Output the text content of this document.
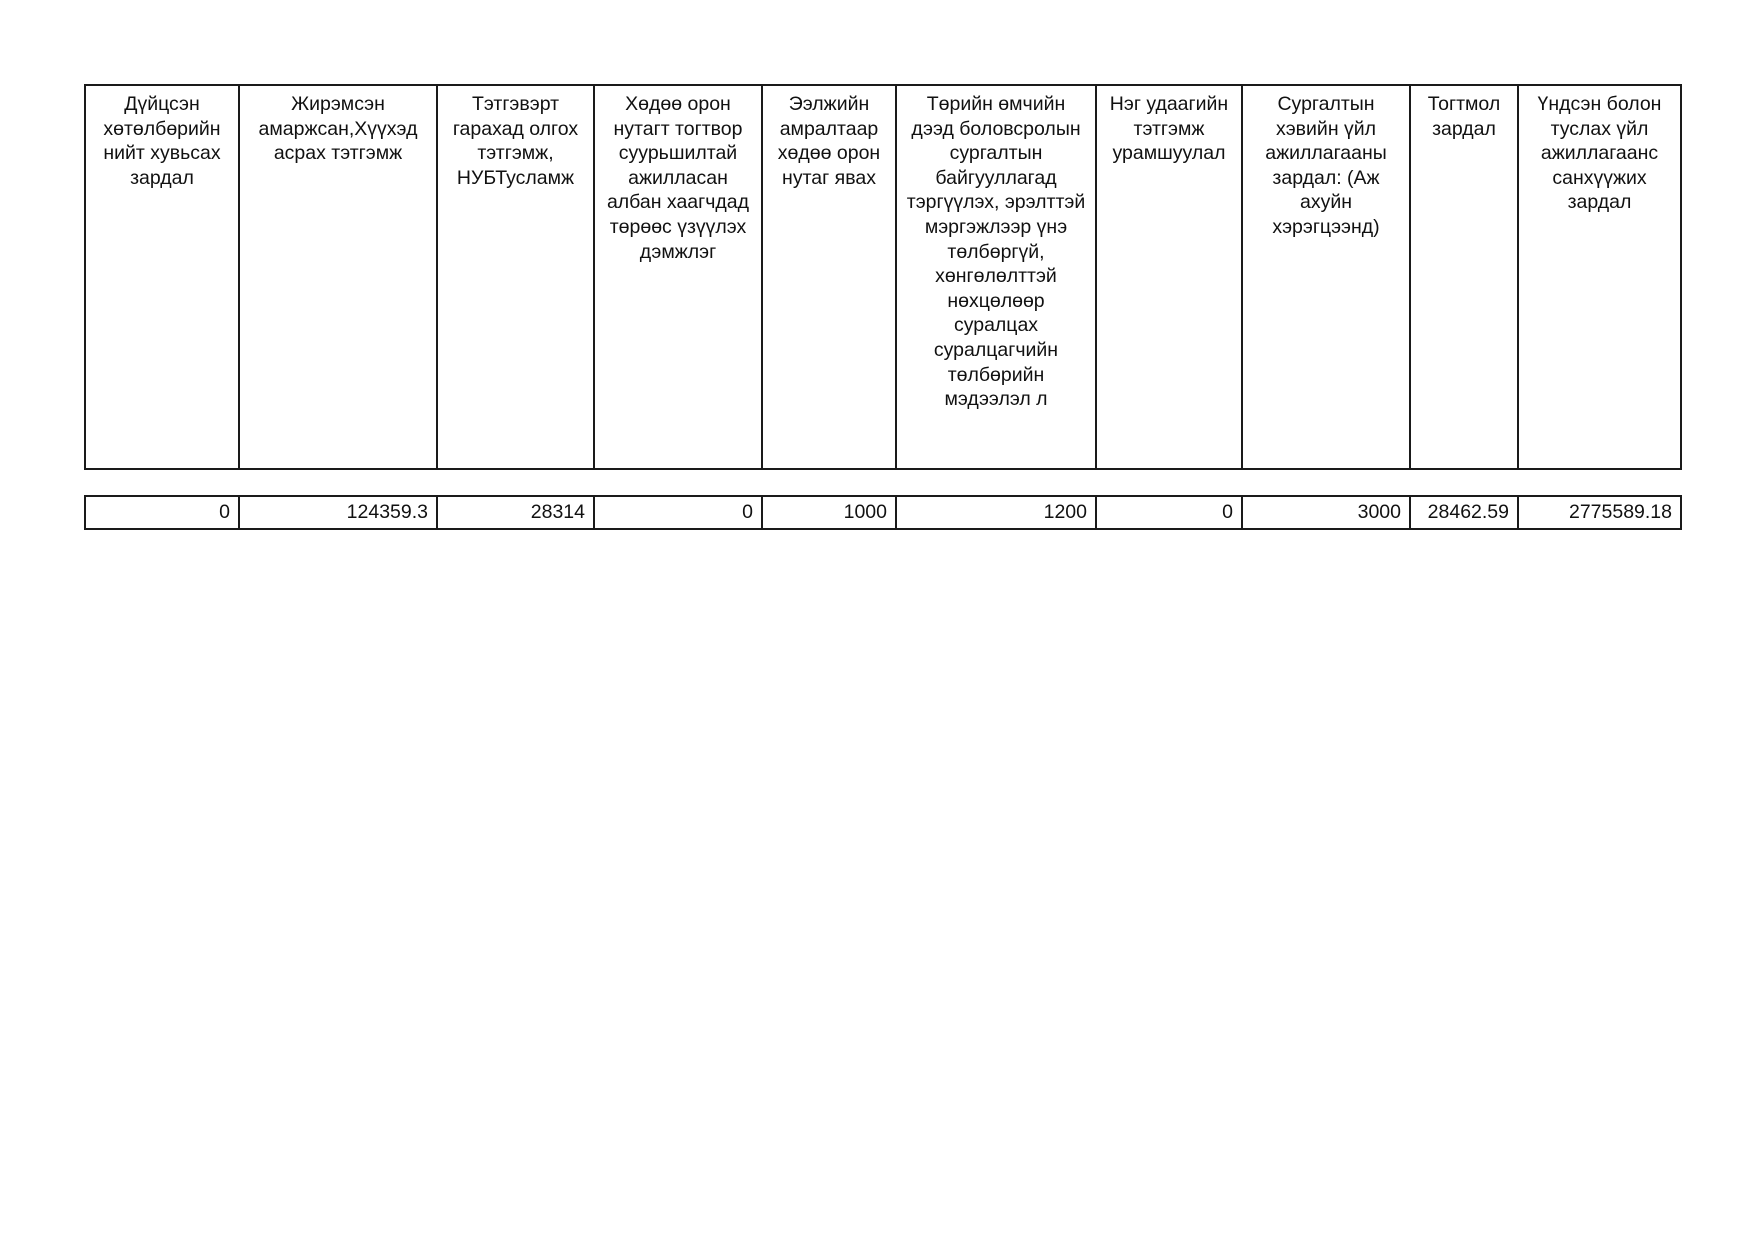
Дүйцсэн хөтөлбөрийн нийт хувьсах зардал	Жирэмсэн амаржсан,Хүүхэд асрах тэтгэмж	Тэтгэвэрт гарахад олгох тэтгэмж, НУБТусламж	Хөдөө орон нутагт тогтвор суурьшилтай ажилласан албан хаагчдад төрөөс үзүүлэх дэмжлэг	Ээлжийн амралтаар хөдөө орон нутаг явах	Төрийн өмчийн дээд боловсролын сургалтын байгууллагад тэргүүлэх, эрэлттэй мэргэжлээр үнэ төлбөргүй, хөнгөлөлттэй нөхцөлөөр суралцах суралцагчийн төлбөрийн мэдээлэл л	Нэг удаагийн тэтгэмж урамшуулал	Сургалтын хэвийн үйл ажиллагааны зардал: (Аж ахуйн хэрэгцээнд)	Тогтмол зардал	Үндсэн болон туслах үйл ажиллагаанс санхүүжих зардал
0	124359.3	28314	0	1000	1200	0	3000	28462.59	2775589.18
